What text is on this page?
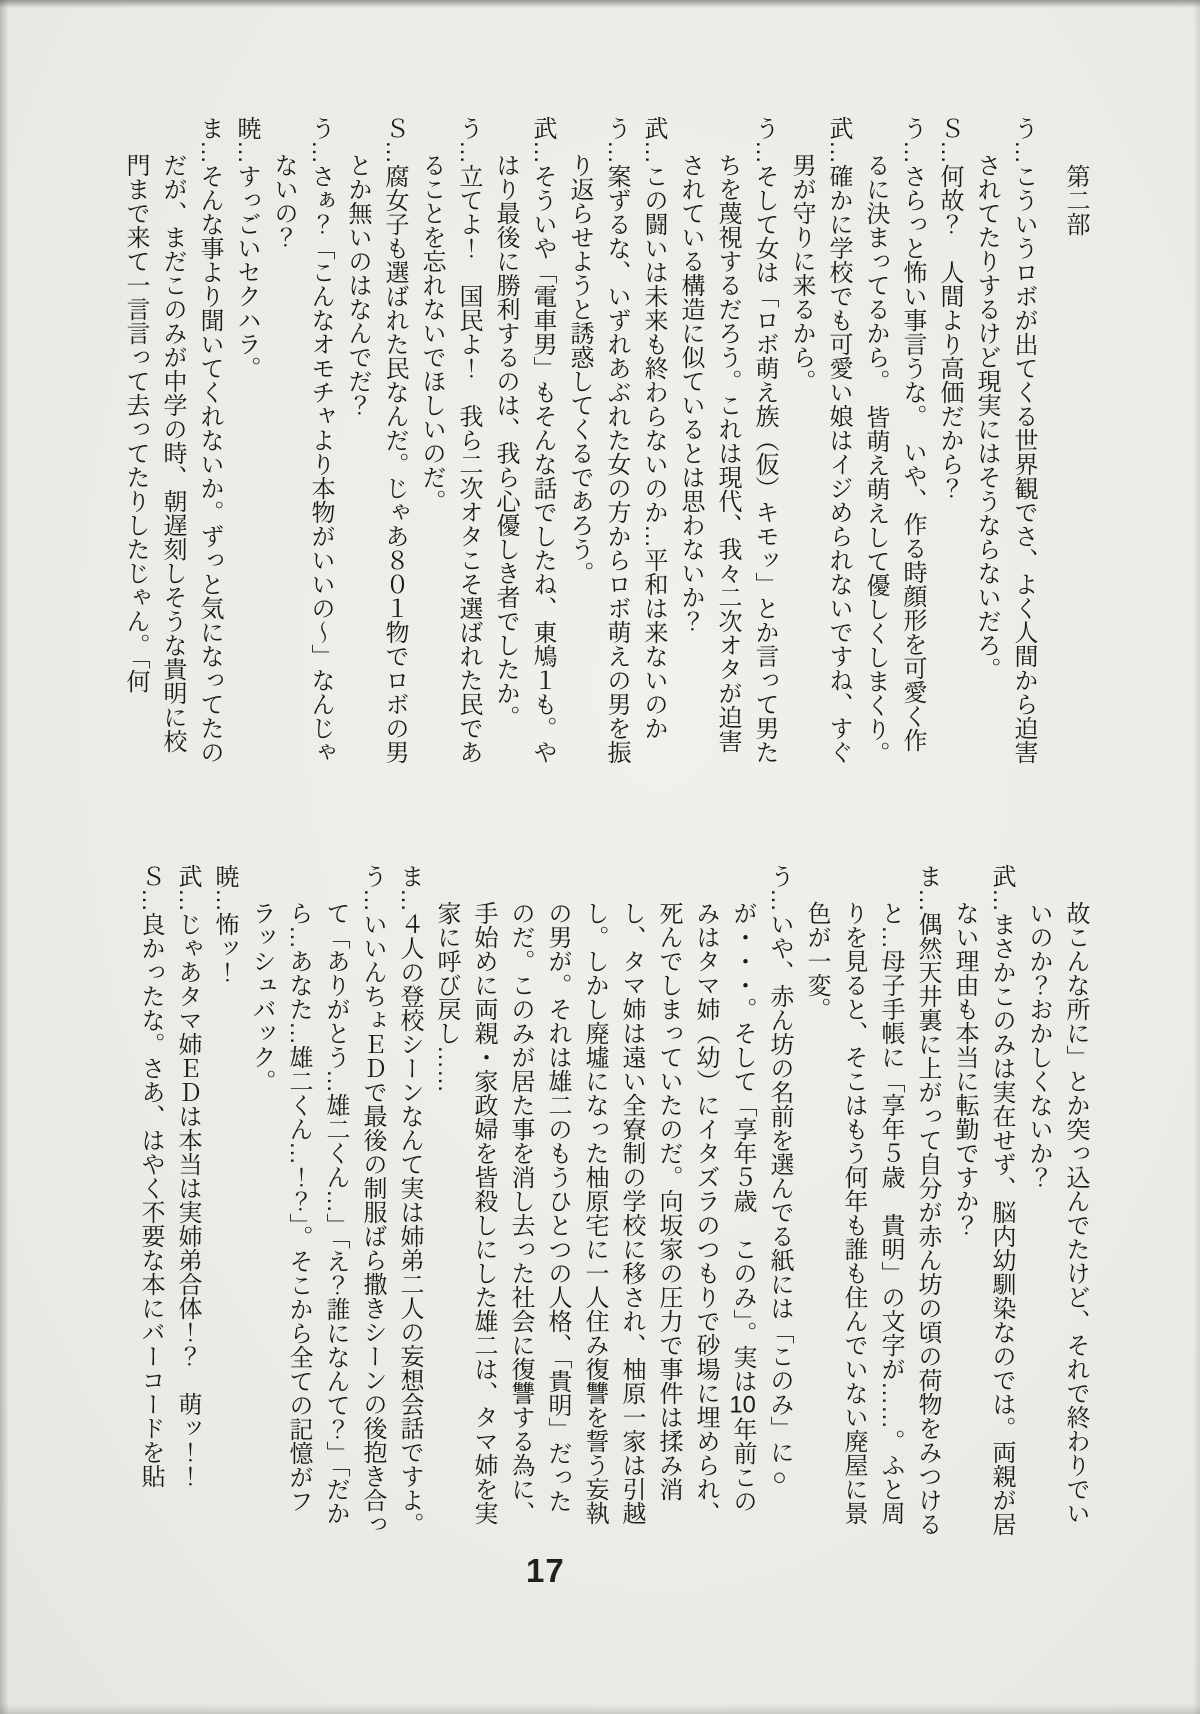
第二部

う…こういうロボが出てくる世界観でさ、よく人間から迫害されてたりするけど現実にはそうならないだろ。

Ｓ…何故？　人間より高価だから？

う…さらっと怖い事言うな。　いや、作る時顔形を可愛く作るに決まってるから。　皆萌え萌えして優しくしまくり。

武…確かに学校でも可愛い娘はイジめられないですね、すぐ男が守りに来るから。

う…そして女は「ロボ萌え族（仮）キモッ」とか言って男たちを蔑視するだろう。これは現代、我々二次オタが迫害されている構造に似ているとは思わないか？

武…この闘いは未来も終わらないのか…平和は来ないのか

う…案ずるな、いずれあぶれた女の方からロボ萌えの男を振り返らせようと誘惑してくるであろう。

武…そういや「電車男」もそんな話でしたね、東鳩１も。やはり最後に勝利するのは、我ら心優しき者でしたか。

う…立てよ！　国民よ！　我ら二次オタこそ選ばれた民であることを忘れないでほしいのだ。

Ｓ…腐女子も選ばれた民なんだ。じゃあ８０１物でロボの男とか無いのはなんでだ？

う…さぁ？「こんなオモチャより本物がいいの～」なんじゃないの？

暁…すっごいセクハラ。

ま…そんな事より聞いてくれないか。ずっと気になってたのだが、まだこのみが中学の時、朝遅刻しそうな貴明に校門まで来て一言言って去ってたりしたじゃん。「何

故こんな所に」とか突っ込んでたけど、それで終わりでいいのか？おかしくないか？

武…まさかこのみは実在せず、脳内幼馴染なのでは。両親が居ない理由も本当に転勤ですか？

ま…偶然天井裏に上がって自分が赤ん坊の頃の荷物をみつけると…母子手帳に「享年５歳　貴明」の文字が……。ふと周りを見ると、そこはもう何年も誰も住んでいない廃屋に景色が一変。

う…いや、赤ん坊の名前を選んでる紙には「このみ」に○が・・・。そして「享年５歳　このみ」。実は10年前このみはタマ姉（幼）にイタズラのつもりで砂場に埋められ、死んでしまっていたのだ。向坂家の圧力で事件は揉み消し、タマ姉は遠い全寮制の学校に移され、柚原一家は引越し。しかし廃墟になった柚原宅に一人住み復讐を誓う妄執の男が。それは雄二のもうひとつの人格、「貴明」だったのだ。このみが居た事を消し去った社会に復讐する為に、手始めに両親・家政婦を皆殺しにした雄二は、タマ姉を実家に呼び戻し……

ま…４人の登校シーンなんて実は姉弟二人の妄想会話ですよ。

う…いいんちょＥＤで最後の制服ばら撒きシーンの後抱き合って「ありがとう…雄二くん…」「え？誰になんて？」「だから…あなた…雄二くん…！？」。そこから全ての記憶がフラッシュバック。

暁…怖ッ！

武…じゃあタマ姉ＥＤは本当は実姉弟合体！？　萌ッ！！

Ｓ…良かったな。さあ、はやく不要な本にバーコードを貼

17
